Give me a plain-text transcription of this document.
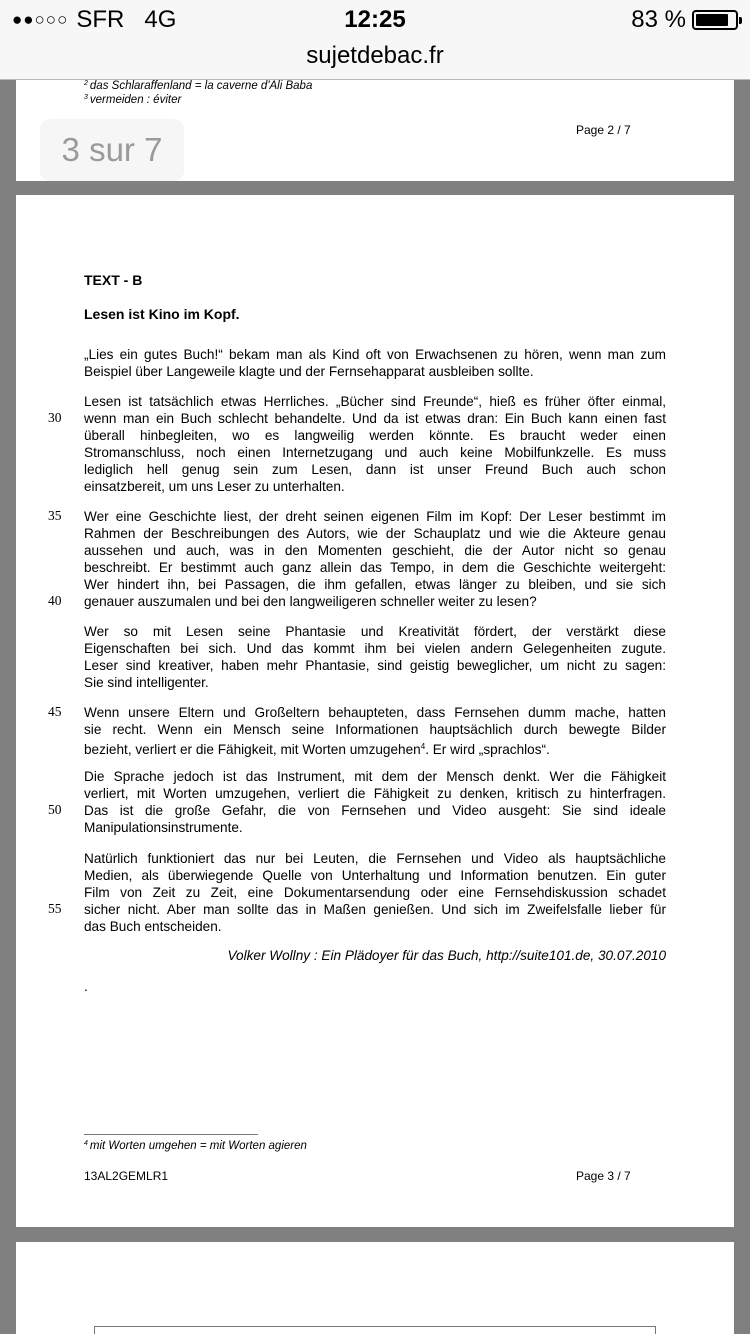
●●○○○ SFR 4G	12:25	83 %
sujetdebac.fr
$^2$ das Schlaraffenland = la caverne d'Ali Baba
$^3$ vermeiden : éviter
Page 2 / 7
3 sur 7
TEXT - B
Lesen ist Kino im Kopf.
„Lies ein gutes Buch!“ bekam man als Kind oft von Erwachsenen zu hören, wenn man zum
Beispiel über Langeweile klagte und der Fernsehapparat ausbleiben sollte.
Lesen ist tatsächlich etwas Herrliches. „Bücher sind Freunde“, hieß es früher öfter einmal,
wenn man ein Buch schlecht behandelte. Und da ist etwas dran: Ein Buch kann einen fast
überall hinbegleiten, wo es langweilig werden könnte. Es braucht weder einen
Stromanschluss, noch einen Internetzugang und auch keine Mobilfunkzelle. Es muss
lediglich hell genug sein zum Lesen, dann ist unser Freund Buch auch schon
einsatzbereit, um uns Leser zu unterhalten.
Wer eine Geschichte liest, der dreht seinen eigenen Film im Kopf: Der Leser bestimmt im
Rahmen der Beschreibungen des Autors, wie der Schauplatz und wie die Akteure genau
aussehen und auch, was in den Momenten geschieht, die der Autor nicht so genau
beschreibt. Er bestimmt auch ganz allein das Tempo, in dem die Geschichte weitergeht:
Wer hindert ihn, bei Passagen, die ihm gefallen, etwas länger zu bleiben, und sie sich
genauer auszumalen und bei den langweiligeren schneller weiter zu lesen?
Wer so mit Lesen seine Phantasie und Kreativität fördert, der verstärkt diese
Eigenschaften bei sich. Und das kommt ihm bei vielen andern Gelegenheiten zugute.
Leser sind kreativer, haben mehr Phantasie, sind geistig beweglicher, um nicht zu sagen:
Sie sind intelligenter.
Wenn unsere Eltern und Großeltern behaupteten, dass Fernsehen dumm mache, hatten
sie recht. Wenn ein Mensch seine Informationen hauptsächlich durch bewegte Bilder
bezieht, verliert er die Fähigkeit, mit Worten umzugehen$^4$. Er wird „sprachlos“.
Die Sprache jedoch ist das Instrument, mit dem der Mensch denkt. Wer die Fähigkeit
verliert, mit Worten umzugehen, verliert die Fähigkeit zu denken, kritisch zu hinterfragen.
Das ist die große Gefahr, die von Fernsehen und Video ausgeht: Sie sind ideale
Manipulationsinstrumente.
Natürlich funktioniert das nur bei Leuten, die Fernsehen und Video als hauptsächliche
Medien, als überwiegende Quelle von Unterhaltung und Information benutzen. Ein guter
Film von Zeit zu Zeit, eine Dokumentarsendung oder eine Fernsehdiskussion schadet
sicher nicht. Aber man sollte das in Maßen genießen. Und sich im Zweifelsfalle lieber für
das Buch entscheiden.
Volker Wollny : Ein Plädoyer für das Buch, http://suite101.de, 30.07.2010
.
30
35
40
45
50
55
$^4$ mit Worten umgehen = mit Worten agieren
13AL2GEMLR1	Page 3 / 7
